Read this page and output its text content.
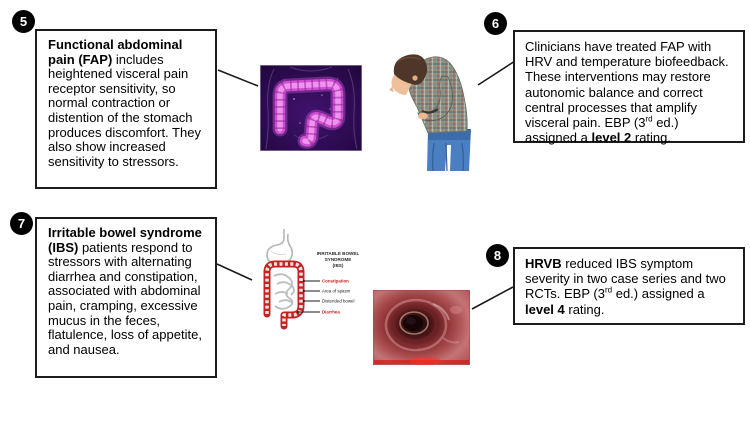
5	6
7
8

Functional abdominal pain (FAP) includes heightened visceral pain receptor sensitivity, so normal contraction or distention of the stomach produces discomfort. They also show increased sensitivity to stressors.

Clinicians have treated FAP with HRV and temperature biofeedback. These interventions may restore autonomic balance and correct central processes that amplify visceral pain. EBP (3rd ed.) assigned a level 2 rating.

Irritable bowel syndrome (IBS) patients respond to stressors with alternating diarrhea and constipation, associated with abdominal pain, cramping, excessive mucus in the feces, flatulence, loss of appetite, and nausea.

HRVB reduced IBS symptom severity in two case series and two RCTs. EBP (3rd ed.) assigned a level 4 rating.

IRRITABLE BOWEL
SYNDROME
(IBS)
Constipation
Area of spasm
Distended bowel
Diarrhea
